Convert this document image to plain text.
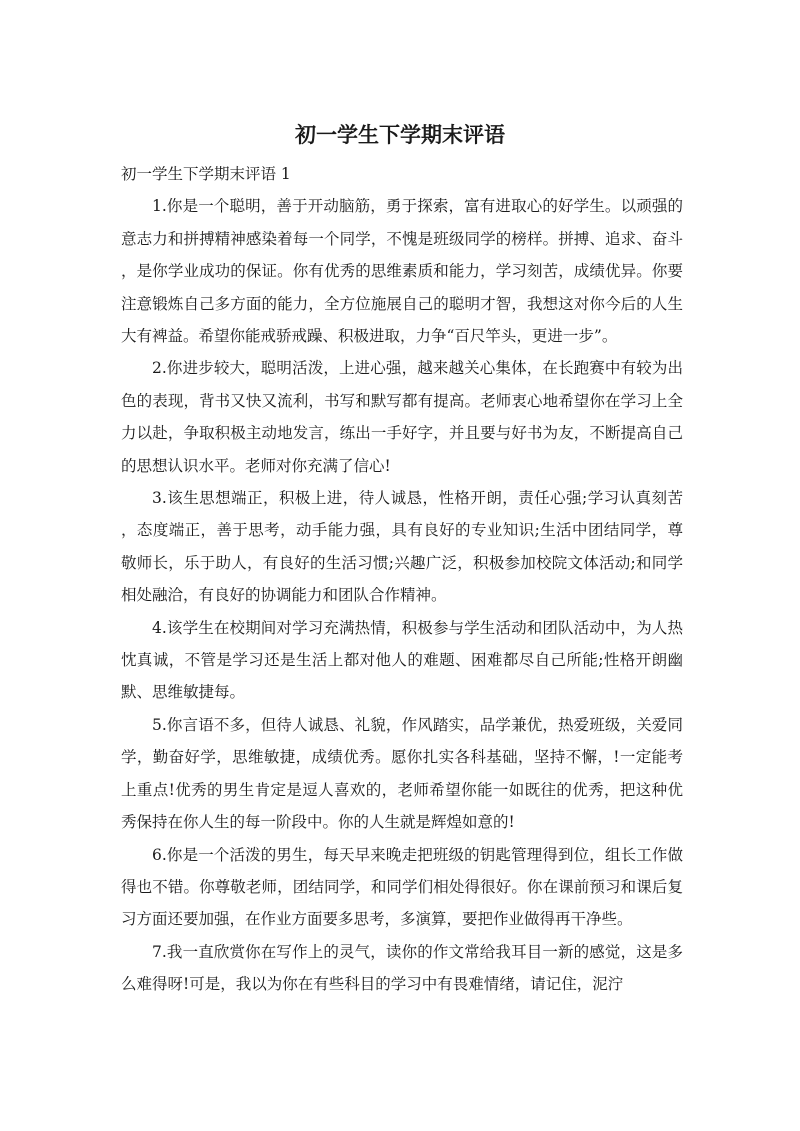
初一学生下学期末评语

初一学生下学期末评语 1

1.你是一个聪明，善于开动脑筋，勇于探索，富有进取心的好学生。以顽强的意志力和拼搏精神感染着每一个同学，不愧是班级同学的榜样。拼搏、追求、奋斗，是你学业成功的保证。你有优秀的思维素质和能力，学习刻苦，成绩优异。你要注意锻炼自己多方面的能力，全方位施展自己的聪明才智，我想这对你今后的人生大有裨益。希望你能戒骄戒躁、积极进取，力争“百尺竿头，更进一步”。

2.你进步较大，聪明活泼，上进心强，越来越关心集体，在长跑赛中有较为出色的表现，背书又快又流利，书写和默写都有提高。老师衷心地希望你在学习上全力以赴，争取积极主动地发言，练出一手好字，并且要与好书为友，不断提高自己的思想认识水平。老师对你充满了信心!

3.该生思想端正，积极上进，待人诚恳，性格开朗，责任心强;学习认真刻苦，态度端正，善于思考，动手能力强，具有良好的专业知识;生活中团结同学，尊敬师长，乐于助人，有良好的生活习惯;兴趣广泛，积极参加校院文体活动;和同学相处融洽，有良好的协调能力和团队合作精神。

4.该学生在校期间对学习充满热情，积极参与学生活动和团队活动中，为人热忱真诚，不管是学习还是生活上都对他人的难题、困难都尽自己所能;性格开朗幽默、思维敏捷每。

5.你言语不多，但待人诚恳、礼貌，作风踏实，品学兼优，热爱班级，关爱同学，勤奋好学，思维敏捷，成绩优秀。愿你扎实各科基础，坚持不懈，!一定能考上重点!优秀的男生肯定是逗人喜欢的，老师希望你能一如既往的优秀，把这种优秀保持在你人生的每一阶段中。你的人生就是辉煌如意的!

6.你是一个活泼的男生，每天早来晚走把班级的钥匙管理得到位，组长工作做得也不错。你尊敬老师，团结同学，和同学们相处得很好。你在课前预习和课后复习方面还要加强，在作业方面要多思考，多演算，要把作业做得再干净些。

7.我一直欣赏你在写作上的灵气，读你的作文常给我耳目一新的感觉，这是多么难得呀!可是，我以为你在有些科目的学习中有畏难情绪，请记住，泥泞
